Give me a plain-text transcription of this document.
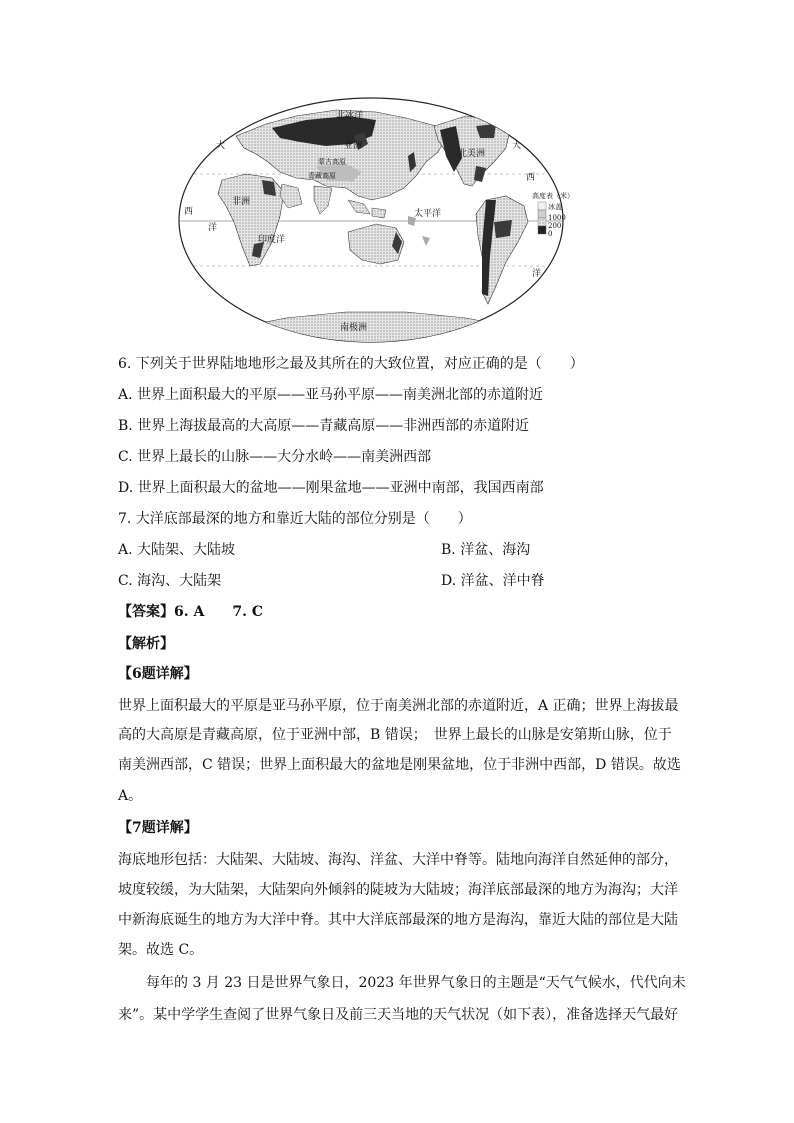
北冰洋
亚洲
非洲
北美洲
蒙古高原
青藏高原
太平洋
印度洋
南极洲
大
西
洋
大
西
洋
高度表（米）
冰盖
1000
200
0
6. 下列关于世界陆地地形之最及其所在的大致位置，对应正确的是（　　）
A. 世界上面积最大的平原——亚马孙平原——南美洲北部的赤道附近
B. 世界上海拔最高的大高原——青藏高原——非洲西部的赤道附近
C. 世界上最长的山脉——大分水岭——南美洲西部
D. 世界上面积最大的盆地——刚果盆地——亚洲中南部，我国西南部
7. 大洋底部最深的地方和靠近大陆的部位分别是（　　）
A. 大陆架、大陆坡	B. 洋盆、海沟
C. 海沟、大陆架	D. 洋盆、洋中脊
【答案】6. A　　7. C
【解析】
【6题详解】
世界上面积最大的平原是亚马孙平原，位于南美洲北部的赤道附近，A 正确；世界上海拔最
高的大高原是青藏高原，位于亚洲中部，B 错误；　世界上最长的山脉是安第斯山脉，位于
南美洲西部，C 错误；世界上面积最大的盆地是刚果盆地，位于非洲中西部，D 错误。故选
A。
【7题详解】
海底地形包括：大陆架、大陆坡、海沟、洋盆、大洋中脊等。陆地向海洋自然延伸的部分，
坡度较缓，为大陆架，大陆架向外倾斜的陡坡为大陆坡；海洋底部最深的地方为海沟；大洋
中新海底诞生的地方为大洋中脊。其中大洋底部最深的地方是海沟，靠近大陆的部位是大陆
架。故选 C。
每年的 3 月 23 日是世界气象日，2023 年世界气象日的主题是“天气气候水，代代向未
来”。某中学学生查阅了世界气象日及前三天当地的天气状况（如下表），准备选择天气最好
